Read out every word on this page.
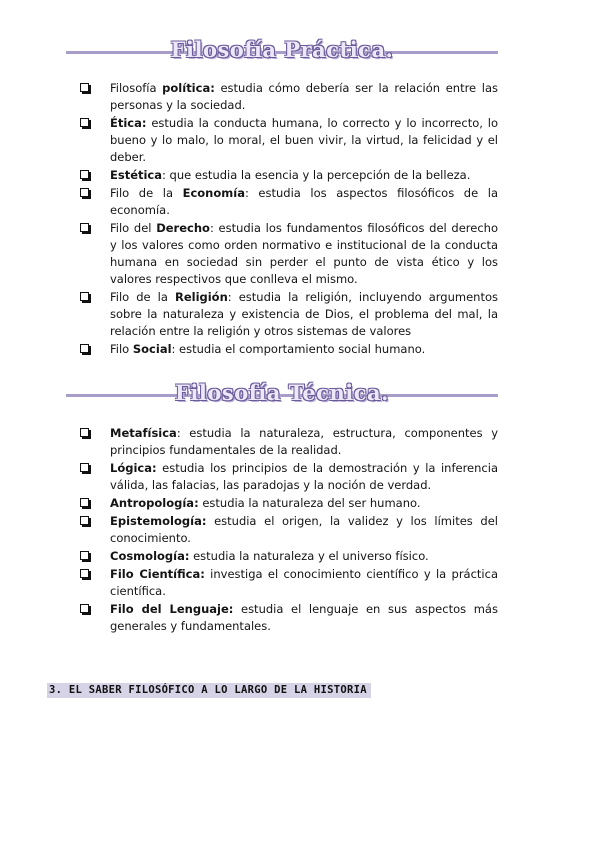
Filosofía Práctica.
Filosofía política: estudia cómo debería ser la relación entre las personas y la sociedad.
Ética: estudia la conducta humana, lo correcto y lo incorrecto, lo bueno y lo malo, lo moral, el buen vivir, la virtud, la felicidad y el deber.
Estética: que estudia la esencia y la percepción de la belleza.
Filo de la Economía: estudia los aspectos filosóficos de la economía.
Filo del Derecho: estudia los fundamentos filosóficos del derecho y los valores como orden normativo e institucional de la conducta humana en sociedad sin perder el punto de vista ético y los valores respectivos que conlleva el mismo.
Filo de la Religión: estudia la religión, incluyendo argumentos sobre la naturaleza y existencia de Dios, el problema del mal, la relación entre la religión y otros sistemas de valores
Filo Social: estudia el comportamiento social humano.
Filosofía Técnica.
Metafísica: estudia la naturaleza, estructura, componentes y principios fundamentales de la realidad.
Lógica: estudia los principios de la demostración y la inferencia válida, las falacias, las paradojas y la noción de verdad.
Antropología: estudia la naturaleza del ser humano.
Epistemología: estudia el origen, la validez y los límites del conocimiento.
Cosmología: estudia la naturaleza y el universo físico.
Filo Científica: investiga el conocimiento científico y la práctica científica.
Filo del Lenguaje: estudia el lenguaje en sus aspectos más generales y fundamentales.
3. EL SABER FILOSÓFICO A LO LARGO DE LA HISTORIA
